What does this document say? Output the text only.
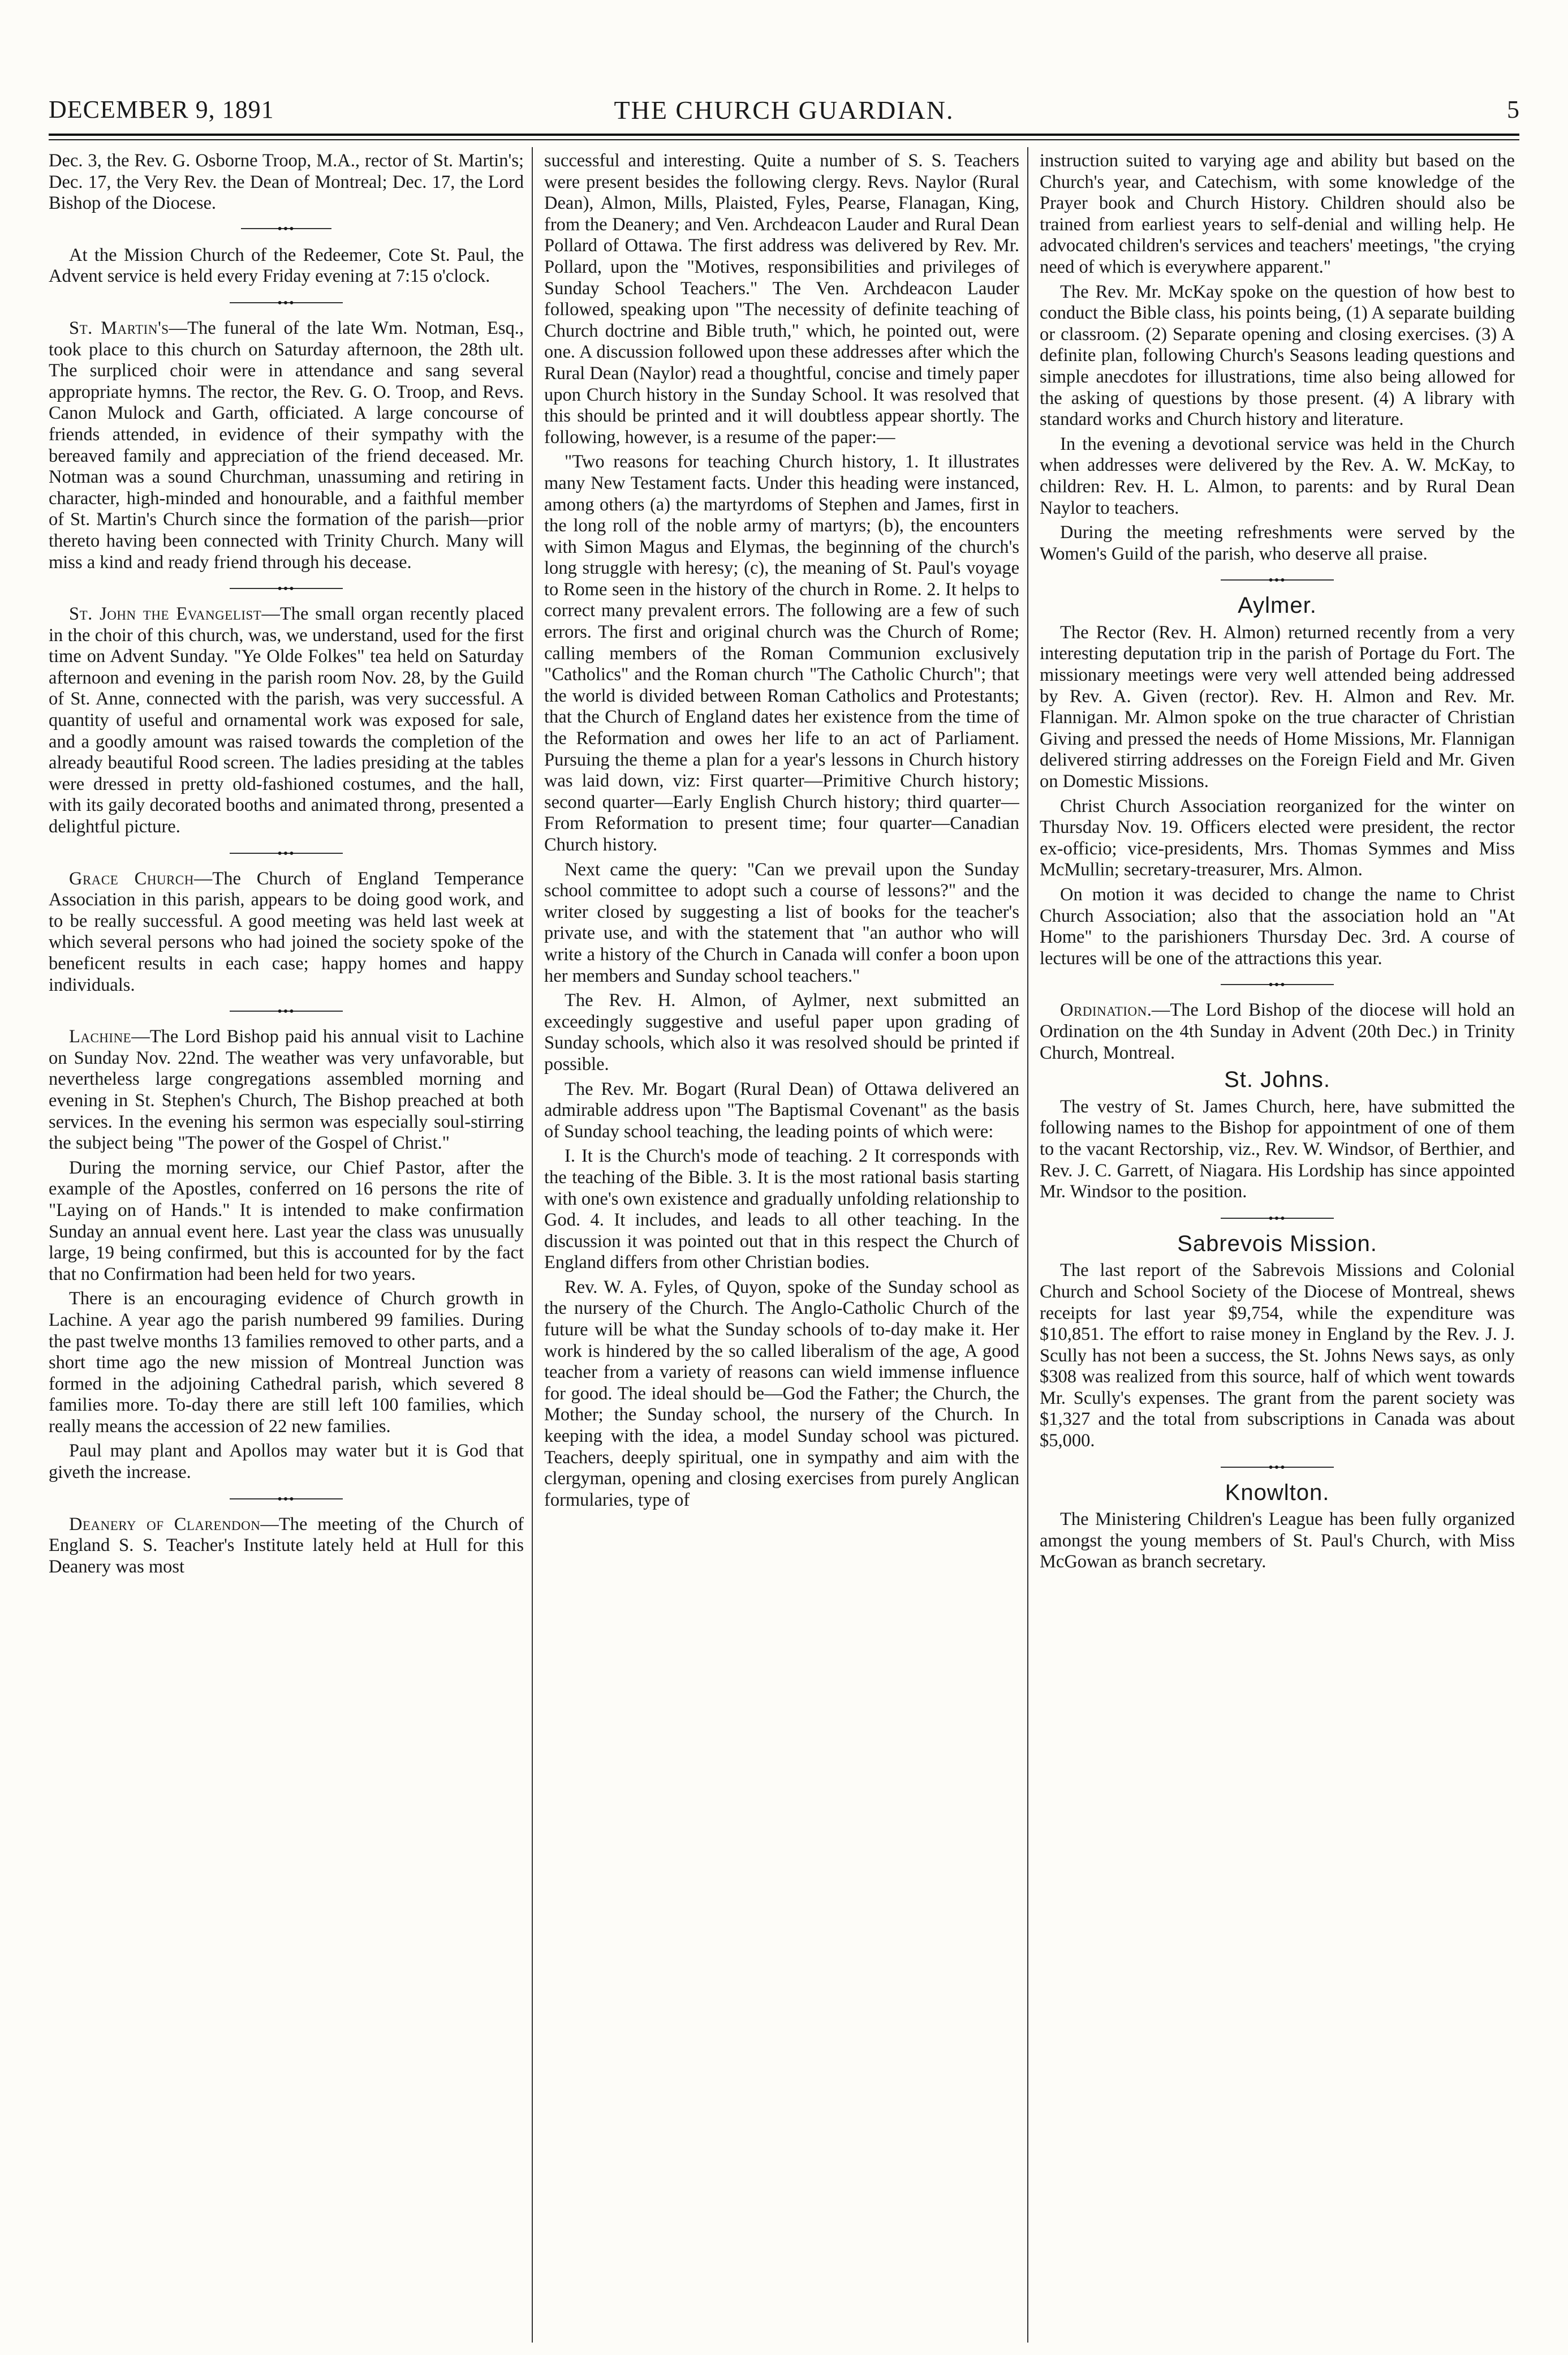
DECEMBER 9, 1891	THE CHURCH GUARDIAN.	5

Dec. 3, the Rev. G. Osborne Troop, M.A., rector of St. Martin's; Dec. 17, the Very Rev. the Dean of Montreal; Dec. 17, the Lord Bishop of the Diocese.

•••

At the Mission Church of the Redeemer, Cote St. Paul, the Advent service is held every Friday evening at 7:15 o'clock.

•••

St. Martin's—The funeral of the late Wm. Notman, Esq., took place to this church on Saturday afternoon, the 28th ult. The surpliced choir were in attendance and sang several appropriate hymns. The rector, the Rev. G. O. Troop, and Revs. Canon Mulock and Garth, officiated. A large concourse of friends attended, in evidence of their sympathy with the bereaved family and appreciation of the friend deceased. Mr. Notman was a sound Churchman, unassuming and retiring in character, high-minded and honourable, and a faithful member of St. Martin's Church since the formation of the parish—prior thereto having been connected with Trinity Church. Many will miss a kind and ready friend through his decease.

•••

St. John the Evangelist—The small organ recently placed in the choir of this church, was, we understand, used for the first time on Advent Sunday. "Ye Olde Folkes" tea held on Saturday afternoon and evening in the parish room Nov. 28, by the Guild of St. Anne, connected with the parish, was very successful. A quantity of useful and ornamental work was exposed for sale, and a goodly amount was raised towards the completion of the already beautiful Rood screen. The ladies presiding at the tables were dressed in pretty old-fashioned costumes, and the hall, with its gaily decorated booths and animated throng, presented a delightful picture.

•••

Grace Church—The Church of England Temperance Association in this parish, appears to be doing good work, and to be really successful. A good meeting was held last week at which several persons who had joined the society spoke of the beneficent results in each case; happy homes and happy individuals.

•••

Lachine—The Lord Bishop paid his annual visit to Lachine on Sunday Nov. 22nd. The weather was very unfavorable, but nevertheless large congregations assembled morning and evening in St. Stephen's Church, The Bishop preached at both services. In the evening his sermon was especially soul-stirring the subject being "The power of the Gospel of Christ."

During the morning service, our Chief Pastor, after the example of the Apostles, conferred on 16 persons the rite of "Laying on of Hands." It is intended to make confirmation Sunday an annual event here. Last year the class was unusually large, 19 being confirmed, but this is accounted for by the fact that no Confirmation had been held for two years.

There is an encouraging evidence of Church growth in Lachine. A year ago the parish numbered 99 families. During the past twelve months 13 families removed to other parts, and a short time ago the new mission of Montreal Junction was formed in the adjoining Cathedral parish, which severed 8 families more. To-day there are still left 100 families, which really means the accession of 22 new families.

Paul may plant and Apollos may water but it is God that giveth the increase.

•••

Deanery of Clarendon—The meeting of the Church of England S. S. Teacher's Institute lately held at Hull for this Deanery was most

successful and interesting. Quite a number of S. S. Teachers were present besides the following clergy. Revs. Naylor (Rural Dean), Almon, Mills, Plaisted, Fyles, Pearse, Flanagan, King, from the Deanery; and Ven. Archdeacon Lauder and Rural Dean Pollard of Ottawa. The first address was delivered by Rev. Mr. Pollard, upon the "Motives, responsibilities and privileges of Sunday School Teachers." The Ven. Archdeacon Lauder followed, speaking upon "The necessity of definite teaching of Church doctrine and Bible truth," which, he pointed out, were one. A discussion followed upon these addresses after which the Rural Dean (Naylor) read a thoughtful, concise and timely paper upon Church history in the Sunday School. It was resolved that this should be printed and it will doubtless appear shortly. The following, however, is a resume of the paper:—

"Two reasons for teaching Church history, 1. It illustrates many New Testament facts. Under this heading were instanced, among others (a) the martyrdoms of Stephen and James, first in the long roll of the noble army of martyrs; (b), the encounters with Simon Magus and Elymas, the beginning of the church's long struggle with heresy; (c), the meaning of St. Paul's voyage to Rome seen in the history of the church in Rome. 2. It helps to correct many prevalent errors. The following are a few of such errors. The first and original church was the Church of Rome; calling members of the Roman Communion exclusively "Catholics" and the Roman church "The Catholic Church"; that the world is divided between Roman Catholics and Protestants; that the Church of England dates her existence from the time of the Reformation and owes her life to an act of Parliament. Pursuing the theme a plan for a year's lessons in Church history was laid down, viz: First quarter—Primitive Church history; second quarter—Early English Church history; third quarter—From Reformation to present time; four quarter—Canadian Church history.

Next came the query: "Can we prevail upon the Sunday school committee to adopt such a course of lessons?" and the writer closed by suggesting a list of books for the teacher's private use, and with the statement that "an author who will write a history of the Church in Canada will confer a boon upon her members and Sunday school teachers."

The Rev. H. Almon, of Aylmer, next submitted an exceedingly suggestive and useful paper upon grading of Sunday schools, which also it was resolved should be printed if possible.

The Rev. Mr. Bogart (Rural Dean) of Ottawa delivered an admirable address upon "The Baptismal Covenant" as the basis of Sunday school teaching, the leading points of which were:

I. It is the Church's mode of teaching. 2 It corresponds with the teaching of the Bible. 3. It is the most rational basis starting with one's own existence and gradually unfolding relationship to God. 4. It includes, and leads to all other teaching. In the discussion it was pointed out that in this respect the Church of England differs from other Christian bodies.

Rev. W. A. Fyles, of Quyon, spoke of the Sunday school as the nursery of the Church. The Anglo-Catholic Church of the future will be what the Sunday schools of to-day make it. Her work is hindered by the so called liberalism of the age, A good teacher from a variety of reasons can wield immense influence for good. The ideal should be—God the Father; the Church, the Mother; the Sunday school, the nursery of the Church. In keeping with the idea, a model Sunday school was pictured. Teachers, deeply spiritual, one in sympathy and aim with the clergyman, opening and closing exercises from purely Anglican formularies, type of

instruction suited to varying age and ability but based on the Church's year, and Catechism, with some knowledge of the Prayer book and Church History. Children should also be trained from earliest years to self-denial and willing help. He advocated children's services and teachers' meetings, "the crying need of which is everywhere apparent."

The Rev. Mr. McKay spoke on the question of how best to conduct the Bible class, his points being, (1) A separate building or classroom. (2) Separate opening and closing exercises. (3) A definite plan, following Church's Seasons leading questions and simple anecdotes for illustrations, time also being allowed for the asking of questions by those present. (4) A library with standard works and Church history and literature.

In the evening a devotional service was held in the Church when addresses were delivered by the Rev. A. W. McKay, to children: Rev. H. L. Almon, to parents: and by Rural Dean Naylor to teachers.

During the meeting refreshments were served by the Women's Guild of the parish, who deserve all praise.

•••
Aylmer.

The Rector (Rev. H. Almon) returned recently from a very interesting deputation trip in the parish of Portage du Fort. The missionary meetings were very well attended being addressed by Rev. A. Given (rector). Rev. H. Almon and Rev. Mr. Flannigan. Mr. Almon spoke on the true character of Christian Giving and pressed the needs of Home Missions, Mr. Flannigan delivered stirring addresses on the Foreign Field and Mr. Given on Domestic Missions.

Christ Church Association reorganized for the winter on Thursday Nov. 19. Officers elected were president, the rector ex-officio; vice-presidents, Mrs. Thomas Symmes and Miss McMullin; secretary-treasurer, Mrs. Almon.

On motion it was decided to change the name to Christ Church Association; also that the association hold an "At Home" to the parishioners Thursday Dec. 3rd. A course of lectures will be one of the attractions this year.

•••

Ordination.—The Lord Bishop of the diocese will hold an Ordination on the 4th Sunday in Advent (20th Dec.) in Trinity Church, Montreal.

St. Johns.

The vestry of St. James Church, here, have submitted the following names to the Bishop for appointment of one of them to the vacant Rectorship, viz., Rev. W. Windsor, of Berthier, and Rev. J. C. Garrett, of Niagara. His Lordship has since appointed Mr. Windsor to the position.

•••
Sabrevois Mission.

The last report of the Sabrevois Missions and Colonial Church and School Society of the Diocese of Montreal, shews receipts for last year $9,754, while the expenditure was $10,851. The effort to raise money in England by the Rev. J. J. Scully has not been a success, the St. Johns News says, as only $308 was realized from this source, half of which went towards Mr. Scully's expenses. The grant from the parent society was $1,327 and the total from subscriptions in Canada was about $5,000.

•••
Knowlton.

The Ministering Children's League has been fully organized amongst the young members of St. Paul's Church, with Miss McGowan as branch secretary.
